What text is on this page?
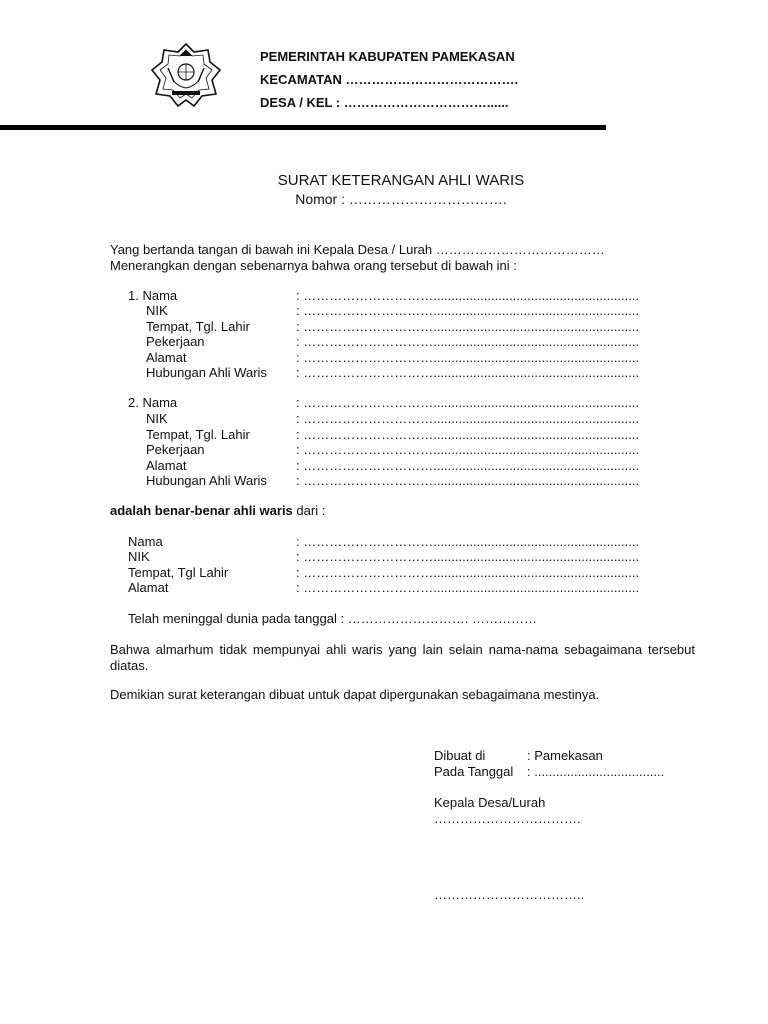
PEMERINTAH KABUPATEN PAMEKASAN
KECAMATAN ………………………………….
DESA / KEL : ……………………………......
SURAT KETERANGAN AHLI WARIS
Nomor : …………………………….
Yang bertanda tangan di bawah ini Kepala Desa / Lurah …………………………………
Menerangkan dengan sebenarnya bahwa orang tersebut di bawah ini :
1. Nama	: ………………………….........................................................
NIK	: ………………………….........................................................
Tempat, Tgl. Lahir	: ………………………….........................................................
Pekerjaan	: ………………………….........................................................
Alamat	: ………………………….........................................................
Hubungan Ahli Waris : ………………………….........................................................
2. Nama	: ………………………….........................................................
NIK	: ………………………….........................................................
Tempat, Tgl. Lahir	: ………………………….........................................................
Pekerjaan	: ………………………….........................................................
Alamat	: ………………………….........................................................
Hubungan Ahli Waris : ………………………….........................................................
adalah benar-benar ahli waris dari :
Nama	: ………………………….........................................................
NIK	: ………………………….........................................................
Tempat, Tgl Lahir	: ………………………….........................................................
Alamat	: ………………………….........................................................
Telah meninggal dunia pada tanggal : ………………………. ……………
Bahwa almarhum tidak mempunyai ahli waris yang lain selain nama-nama sebagaimana tersebut diatas.
Demikian surat keterangan dibuat untuk dapat dipergunakan sebagaimana mestinya.
Dibuat di	: Pamekasan
Pada Tanggal : ....................................
Kepala Desa/Lurah
…………………………….
……………………………..
